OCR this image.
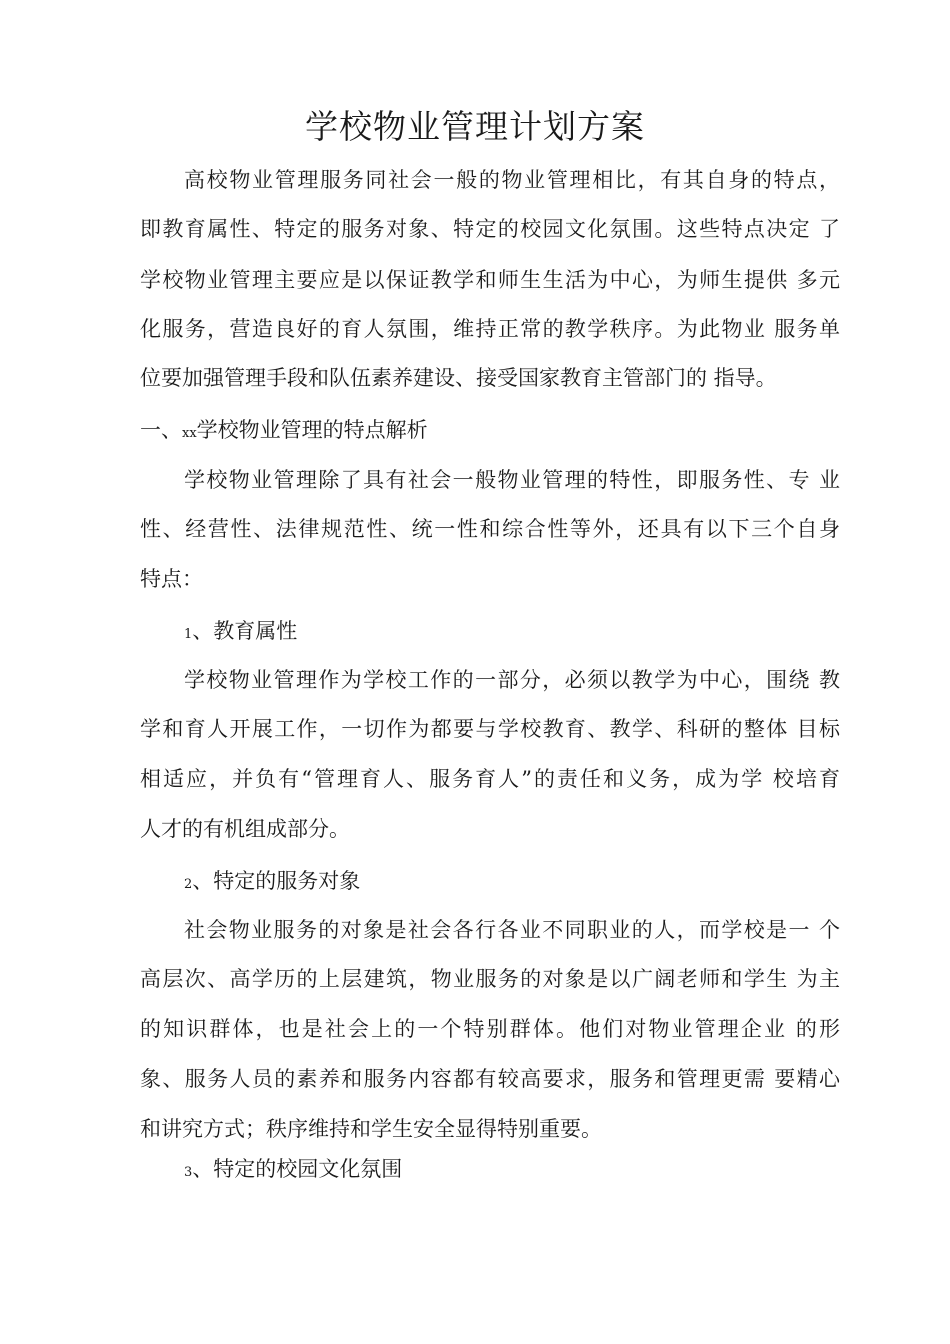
学校物业管理计划方案

高校物业管理服务同社会一般的物业管理相比，有其自身的特点，

即教育属性、特定的服务对象、特定的校园文化氛围。这些特点决定 了

学校物业管理主要应是以保证教学和师生生活为中心，为师生提供 多元

化服务，营造良好的育人氛围，维持正常的教学秩序。为此物业 服务单

位要加强管理手段和队伍素养建设、接受国家教育主管部门的 指导。

一、xx学校物业管理的特点解析

学校物业管理除了具有社会一般物业管理的特性，即服务性、专 业

性、经营性、法律规范性、统一性和综合性等外，还具有以下三个自身

特点：

1、教育属性

学校物业管理作为学校工作的一部分，必须以教学为中心，围绕 教

学和育人开展工作，一切作为都要与学校教育、教学、科研的整体 目标

相适应，并负有“管理育人、服务育人”的责任和义务，成为学 校培育

人才的有机组成部分。

2、特定的服务对象

社会物业服务的对象是社会各行各业不同职业的人，而学校是一 个

高层次、高学历的上层建筑，物业服务的对象是以广阔老师和学生 为主

的知识群体，也是社会上的一个特别群体。他们对物业管理企业 的形

象、服务人员的素养和服务内容都有较高要求，服务和管理更需 要精心

和讲究方式；秩序维持和学生安全显得特别重要。

3、特定的校园文化氛围
